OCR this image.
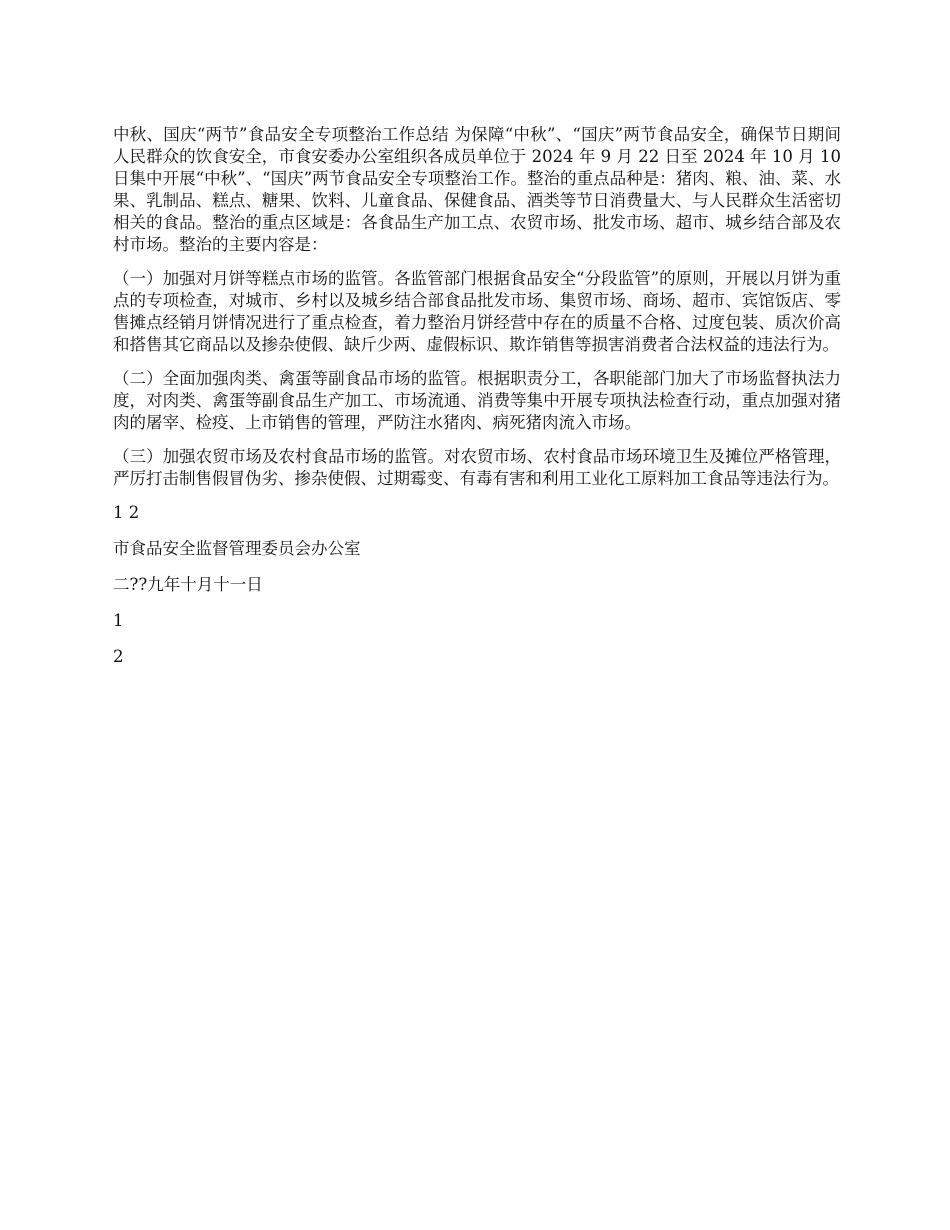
中秋、国庆“两节”食品安全专项整治工作总结 为保障“中秋”、“国庆”两节食品安全，确保节日期间人民群众的饮食安全，市食安委办公室组织各成员单位于 2024 年 9 月 22 日至 2024 年 10 月 10 日集中开展“中秋”、“国庆”两节食品安全专项整治工作。整治的重点品种是：猪肉、粮、油、菜、水果、乳制品、糕点、糖果、饮料、儿童食品、保健食品、酒类等节日消费量大、与人民群众生活密切相关的食品。整治的重点区域是：各食品生产加工点、农贸市场、批发市场、超市、城乡结合部及农村市场。整治的主要内容是：

（一）加强对月饼等糕点市场的监管。各监管部门根据食品安全“分段监管”的原则，开展以月饼为重点的专项检查，对城市、乡村以及城乡结合部食品批发市场、集贸市场、商场、超市、宾馆饭店、零售摊点经销月饼情况进行了重点检查，着力整治月饼经营中存在的质量不合格、过度包装、质次价高和搭售其它商品以及掺杂使假、缺斤少两、虚假标识、欺诈销售等损害消费者合法权益的违法行为。

（二）全面加强肉类、禽蛋等副食品市场的监管。根据职责分工，各职能部门加大了市场监督执法力度，对肉类、禽蛋等副食品生产加工、市场流通、消费等集中开展专项执法检查行动，重点加强对猪肉的屠宰、检疫、上市销售的管理，严防注水猪肉、病死猪肉流入市场。

（三）加强农贸市场及农村食品市场的监管。对农贸市场、农村食品市场环境卫生及摊位严格管理，严厉打击制售假冒伪劣、掺杂使假、过期霉变、有毒有害和利用工业化工原料加工食品等违法行为。

1 2

市食品安全监督管理委员会办公室

二??九年十月十一日

1

2
